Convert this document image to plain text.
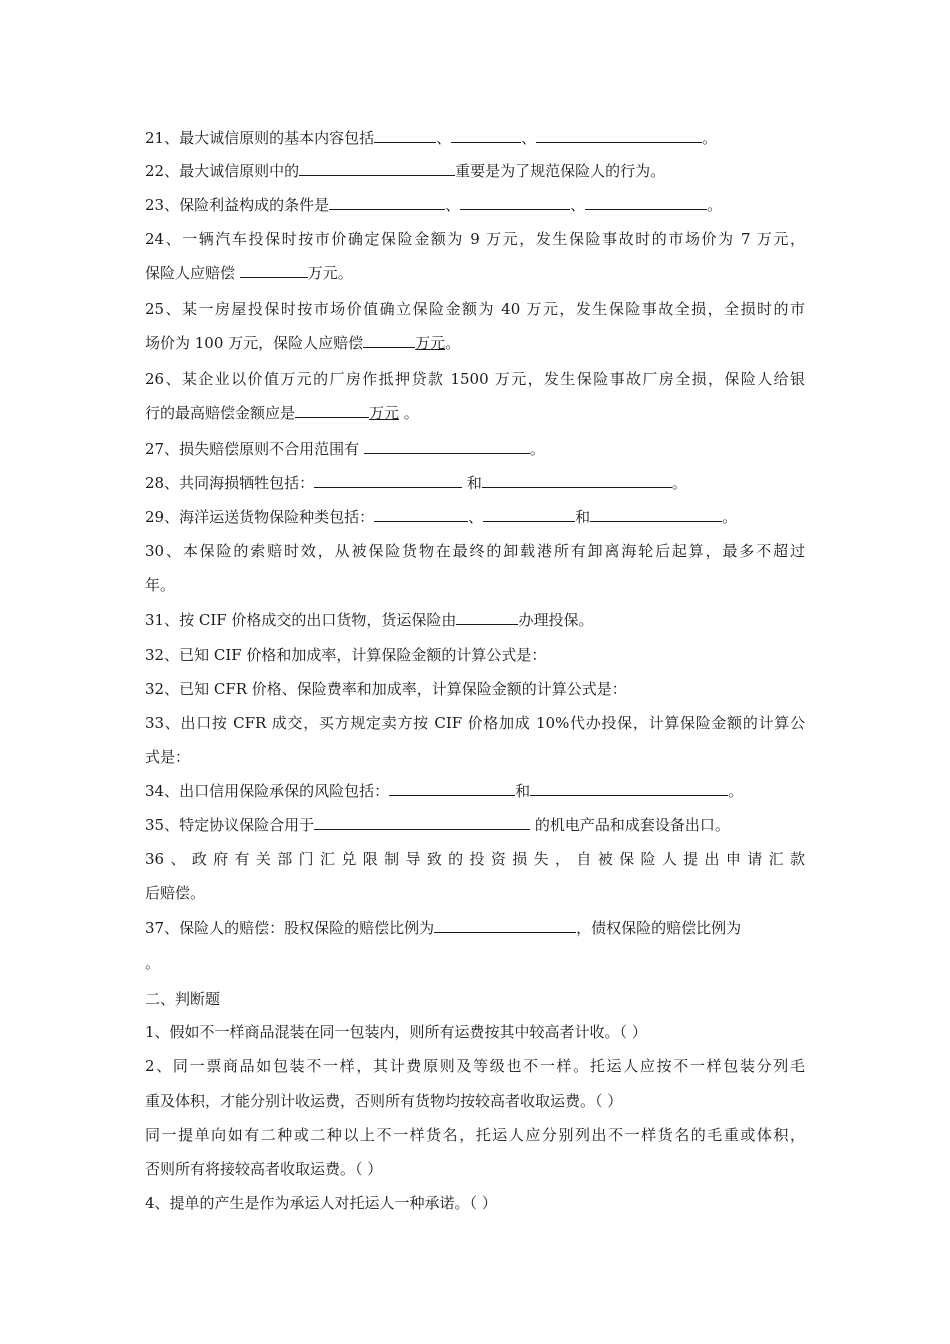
21、最大诚信原则的基本内容包括	、	、	。
22、最大诚信原则中的	重要是为了规范保险人的行为。
23、保险利益构成的条件是	、	、	。
24、一辆汽车投保时按市价确定保险金额为 9 万元，发生保险事故时的市场价为 7 万元，
保险人应赔偿	万元。
25、某一房屋投保时按市场价值确立保险金额为 40 万元，发生保险事故全损，全损时的市
场价为 100 万元，保险人应赔偿	万元。
26、某企业以价值万元的厂房作抵押贷款 1500 万元，发生保险事故厂房全损，保险人给银
行的最高赔偿金额应是	万元 。
27、损失赔偿原则不合用范围有	。
28、共同海损牺牲包括：	和	。
29、海洋运送货物保险种类包括：	、	和	。
30、本保险的索赔时效，从被保险货物在最终的卸载港所有卸离海轮后起算，最多不超过
年。
31、按 CIF 价格成交的出口货物，货运保险由	办理投保。
32、已知 CIF 价格和加成率，计算保险金额的计算公式是：
32、已知 CFR 价格、保险费率和加成率，计算保险金额的计算公式是：
33、出口按 CFR 成交，买方规定卖方按 CIF 价格加成 10%代办投保，计算保险金额的计算公
式是：
34、出口信用保险承保的风险包括：	和	。
35、特定协议保险合用于	的机电产品和成套设备出口。
36、政府有关部门汇兑限制导致的投资损失，自被保险人提出申请汇款
后赔偿。
37、保险人的赔偿：股权保险的赔偿比例为	，债权保险的赔偿比例为
。
二、判断题
1、假如不一样商品混装在同一包装内，则所有运费按其中较高者计收。（ ）
2、同一票商品如包装不一样，其计费原则及等级也不一样。托运人应按不一样包装分列毛
重及体积，才能分别计收运费，否则所有货物均按较高者收取运费。（ ）
同一提单向如有二种或二种以上不一样货名，托运人应分别列出不一样货名的毛重或体积，
否则所有将接较高者收取运费。（ ）
4、提单的产生是作为承运人对托运人一种承诺。（ ）
